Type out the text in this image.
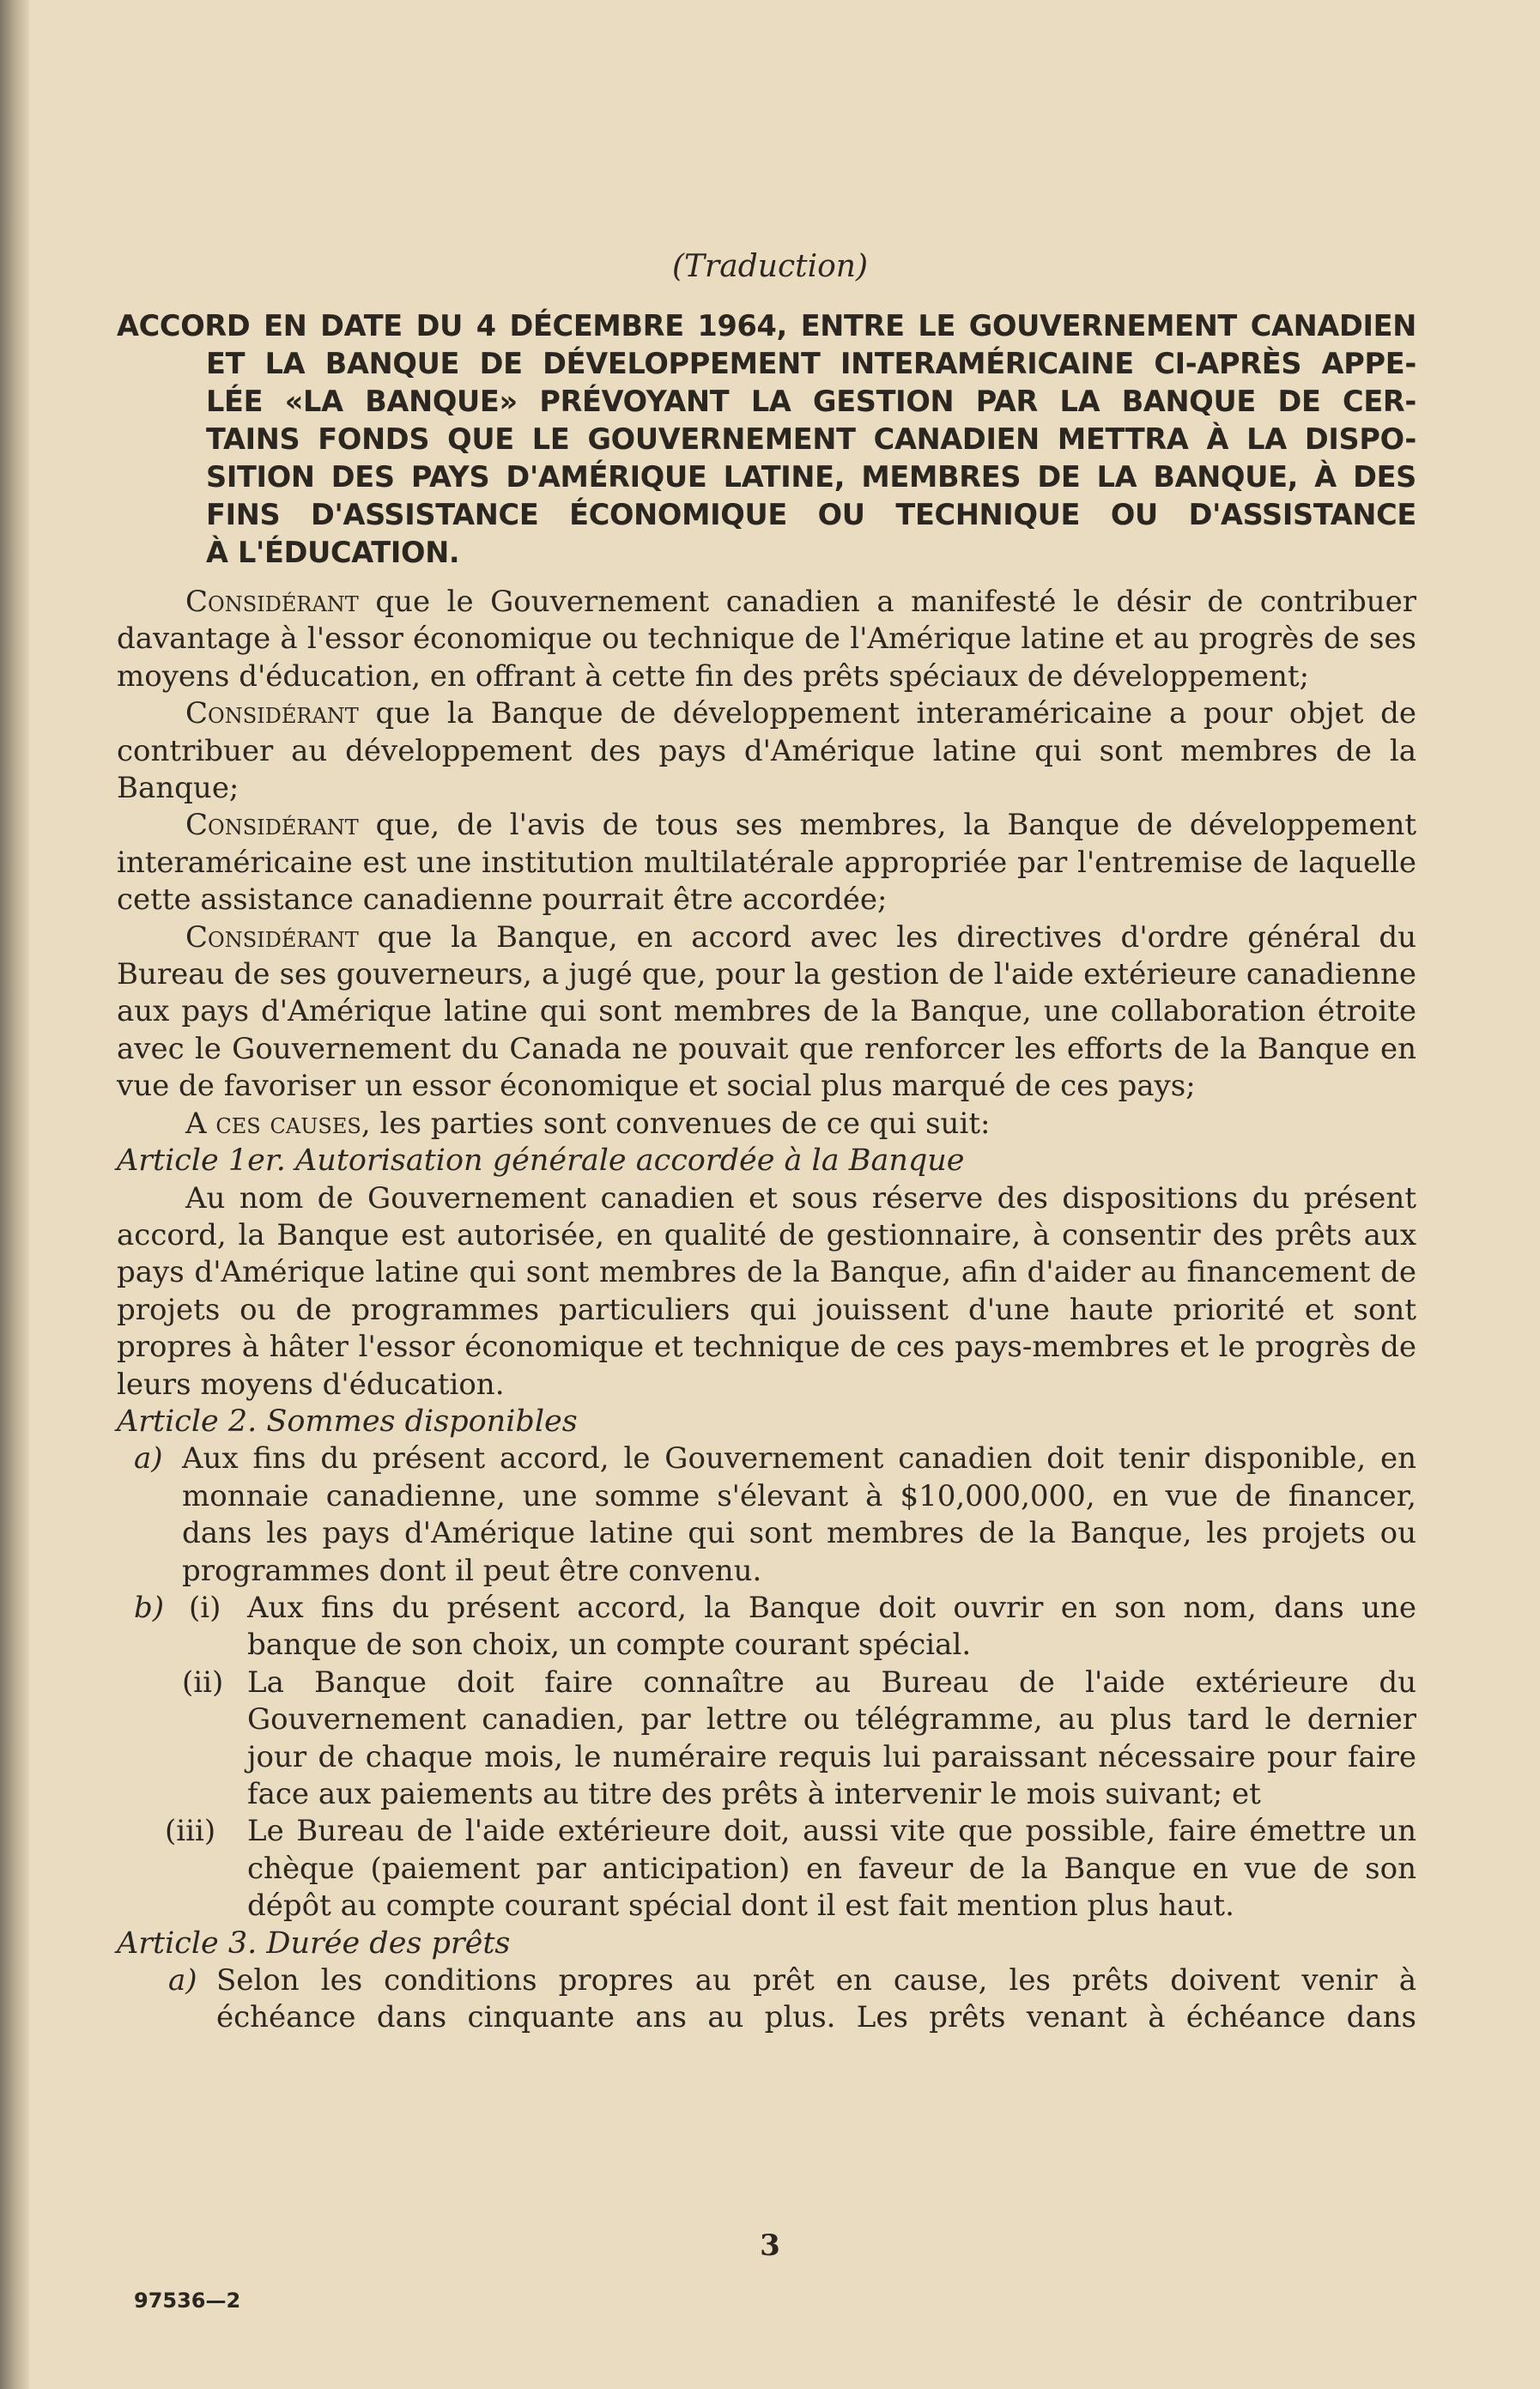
(Traduction)
ACCORD EN DATE DU 4 DÉCEMBRE 1964, ENTRE LE GOUVERNEMENT CANADIEN
ET LA BANQUE DE DÉVELOPPEMENT INTERAMÉRICAINE CI-APRÈS APPE-
LÉE «LA BANQUE» PRÉVOYANT LA GESTION PAR LA BANQUE DE CER-
TAINS FONDS QUE LE GOUVERNEMENT CANADIEN METTRA À LA DISPO-
SITION DES PAYS D'AMÉRIQUE LATINE, MEMBRES DE LA BANQUE, À DES
FINS D'ASSISTANCE ÉCONOMIQUE OU TECHNIQUE OU D'ASSISTANCE
À L'ÉDUCATION.

Considérant que le Gouvernement canadien a manifesté le désir de contribuer davantage à l'essor économique ou technique de l'Amérique latine et au progrès de ses moyens d'éducation, en offrant à cette fin des prêts spéciaux de développement;

Considérant que la Banque de développement interaméricaine a pour objet de contribuer au développement des pays d'Amérique latine qui sont membres de la Banque;

Considérant que, de l'avis de tous ses membres, la Banque de développement interaméricaine est une institution multilatérale appropriée par l'entremise de laquelle cette assistance canadienne pourrait être accordée;

Considérant que la Banque, en accord avec les directives d'ordre général du Bureau de ses gouverneurs, a jugé que, pour la gestion de l'aide extérieure canadienne aux pays d'Amérique latine qui sont membres de la Banque, une collaboration étroite avec le Gouvernement du Canada ne pouvait que renforcer les efforts de la Banque en vue de favoriser un essor économique et social plus marqué de ces pays;

A ces causes, les parties sont convenues de ce qui suit:

Article 1er. Autorisation générale accordée à la Banque

Au nom de Gouvernement canadien et sous réserve des dispositions du présent accord, la Banque est autorisée, en qualité de gestionnaire, à consentir des prêts aux pays d'Amérique latine qui sont membres de la Banque, afin d'aider au financement de projets ou de programmes particuliers qui jouissent d'une haute priorité et sont propres à hâter l'essor économique et technique de ces pays-membres et le progrès de leurs moyens d'éducation.

Article 2. Sommes disponibles
a) Aux fins du présent accord, le Gouvernement canadien doit tenir disponible, en monnaie canadienne, une somme s'élevant à $10,000,000, en vue de financer, dans les pays d'Amérique latine qui sont membres de la Banque, les projets ou programmes dont il peut être convenu.

b) (i) Aux fins du présent accord, la Banque doit ouvrir en son nom, dans une banque de son choix, un compte courant spécial.

(ii) La Banque doit faire connaître au Bureau de l'aide extérieure du Gouvernement canadien, par lettre ou télégramme, au plus tard le dernier jour de chaque mois, le numéraire requis lui paraissant nécessaire pour faire face aux paiements au titre des prêts à intervenir le mois suivant; et

(iii) Le Bureau de l'aide extérieure doit, aussi vite que possible, faire émettre un chèque (paiement par anticipation) en faveur de la Banque en vue de son dépôt au compte courant spécial dont il est fait mention plus haut.

Article 3. Durée des prêts
a) Selon les conditions propres au prêt en cause, les prêts doivent venir à échéance dans cinquante ans au plus. Les prêts venant à échéance dans

3
97536—2
